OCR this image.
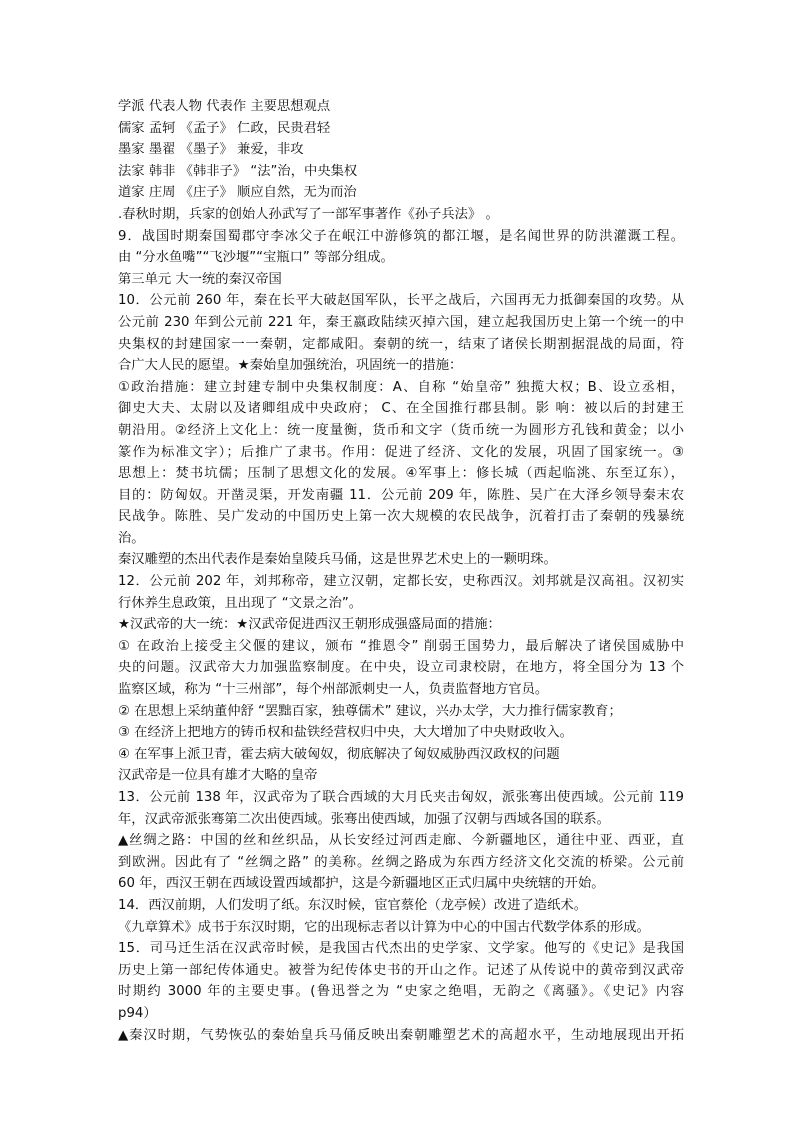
学派 代表人物 代表作 主要思想观点
儒家 孟轲 《孟子》 仁政，民贵君轻
墨家 墨翟 《墨子》 兼爱，非攻
法家 韩非 《韩非子》 “法”治，中央集权
道家 庄周 《庄子》 顺应自然，无为而治
.春秋时期，兵家的创始人孙武写了一部军事著作《孙子兵法》 。
9．战国时期秦国蜀郡守李冰父子在岷江中游修筑的都江堰，是名闻世界的防洪灌溉工程。
由 “分水鱼嘴”“飞沙堰”“宝瓶口” 等部分组成。
第三单元 大一统的秦汉帝国
10．公元前 260 年，秦在长平大破赵国军队，长平之战后，六国再无力抵御秦国的攻势。从
公元前 230 年到公元前 221 年，秦王嬴政陆续灭掉六国，建立起我国历史上第一个统一的中
央集权的封建国家一一秦朝，定都咸阳。秦朝的统一，结束了诸侯长期割据混战的局面，符
合广大人民的愿望。★秦始皇加强统治，巩固统一的措施：
①政治措施：建立封建专制中央集权制度：A、自称 “始皇帝” 独揽大权；B、设立丞相，
御史大夫、太尉以及诸卿组成中央政府； C、在全国推行郡县制。影 响：被以后的封建王
朝沿用。②经济上文化上：统一度量衡，货币和文字（货币统一为圆形方孔钱和黄金；以小
篆作为标准文字）；后推广了隶书。作用：促进了经济、文化的发展，巩固了国家统一。③
思想上：焚书坑儒；压制了思想文化的发展。④军事上：修长城（西起临洮、东至辽东），
目的：防匈奴。开凿灵渠，开发南疆 11．公元前 209 年，陈胜、吴广在大泽乡领导秦末农
民战争。陈胜、吴广发动的中国历史上第一次大规模的农民战争，沉着打击了秦朝的残暴统
治。
秦汉雕塑的杰出代表作是秦始皇陵兵马俑，这是世界艺术史上的一颗明珠。
12．公元前 202 年，刘邦称帝，建立汉朝，定都长安，史称西汉。刘邦就是汉高祖。汉初实
行休养生息政策，且出现了 “文景之治”。
★汉武帝的大一统：★汉武帝促进西汉王朝形成强盛局面的措施：
① 在政治上接受主父偃的建议，颁布 “推恩令” 削弱王国势力，最后解决了诸侯国威胁中
央的问题。汉武帝大力加强监察制度。在中央，设立司隶校尉，在地方，将全国分为 13 个
监察区域，称为 “十三州部”，每个州部派刺史一人，负责监督地方官员。
② 在思想上采纳董仲舒 “罢黜百家，独尊儒术” 建议，兴办太学，大力推行儒家教育；
③ 在经济上把地方的铸币权和盐铁经营权归中央，大大增加了中央财政收入。
④ 在军事上派卫青，霍去病大破匈奴，彻底解决了匈奴威胁西汉政权的问题
汉武帝是一位具有雄才大略的皇帝
13．公元前 138 年，汉武帝为了联合西域的大月氏夹击匈奴，派张骞出使西域。公元前 119
年，汉武帝派张骞第二次出使西域。张骞出使西域，加强了汉朝与西域各国的联系。
▲丝绸之路：中国的丝和丝织品，从长安经过河西走廊、今新疆地区，通往中亚、西亚，直
到欧洲。因此有了 “丝绸之路” 的美称。丝绸之路成为东西方经济文化交流的桥梁。公元前
60 年，西汉王朝在西域设置西域都护，这是今新疆地区正式归属中央统辖的开始。
14．西汉前期，人们发明了纸。东汉时候，宦官蔡伦（龙亭候）改进了造纸术。
《九章算术》成书于东汉时期，它的出现标志者以计算为中心的中国古代数学体系的形成。
15．司马迁生活在汉武帝时候，是我国古代杰出的史学家、文学家。他写的《史记》是我国
历史上第一部纪传体通史。被誉为纪传体史书的开山之作。记述了从传说中的黄帝到汉武帝
时期约 3000 年的主要史事。(鲁迅誉之为 “史家之绝唱，无韵之《离骚》。《史记》内容
p94）
▲秦汉时期，气势恢弘的秦始皇兵马俑反映出秦朝雕塑艺术的高超水平，生动地展现出开拓
